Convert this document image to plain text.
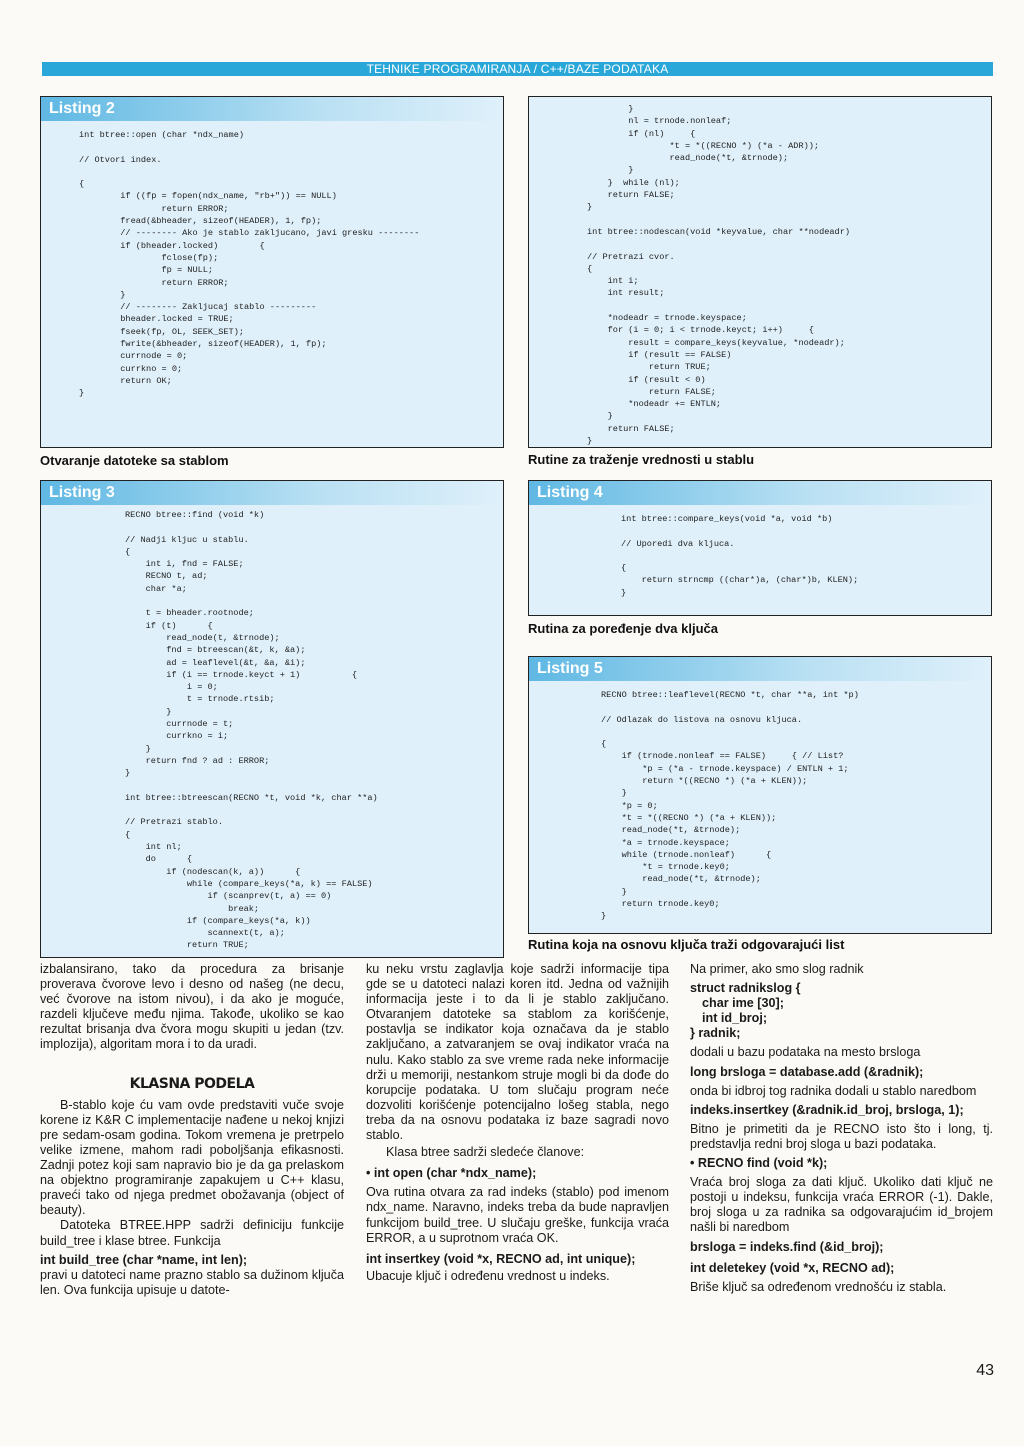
TEHNIKE PROGRAMIRANJA / C++/BAZE PODATAKA
Listing 2
int btree::open (char *ndx_name)

// Otvori index.

{
if ((fp = fopen(ndx_name, "rb+")) == NULL)
return ERROR;
fread(&bheader, sizeof(HEADER), 1, fp);
// -------- Ako je stablo zakljucano, javi gresku --------
if (bheader.locked)        {
fclose(fp);
fp = NULL;
return ERROR;
}
// -------- Zakljucaj stablo ---------
bheader.locked = TRUE;
fseek(fp, OL, SEEK_SET);
fwrite(&bheader, sizeof(HEADER), 1, fp);
currnode = 0;
currkno = 0;
return OK;
}
Otvaranje datoteke sa stablom
}
nl = trnode.nonleaf;
if (nl)     {
*t = *((RECNO *) (*a - ADR));
read_node(*t, &trnode);
}
}  while (nl);
return FALSE;
}

int btree::nodescan(void *keyvalue, char **nodeadr)

// Pretrazi cvor.
{
int i;
int result;

*nodeadr = trnode.keyspace;
for (i = 0; i < trnode.keyct; i++)     {
result = compare_keys(keyvalue, *nodeadr);
if (result == FALSE)
return TRUE;
if (result < 0)
return FALSE;
*nodeadr += ENTLN;
}
return FALSE;
}
Rutine za traženje vrednosti u stablu
Listing 3
RECNO btree::find (void *k)

// Nadji kljuc u stablu.
{
int i, fnd = FALSE;
RECNO t, ad;
char *a;

t = bheader.rootnode;
if (t)      {
read_node(t, &trnode);
fnd = btreescan(&t, k, &a);
ad = leaflevel(&t, &a, &i);
if (i == trnode.keyct + 1)          {
i = 0;
t = trnode.rtsib;
}
currnode = t;
currkno = i;
}
return fnd ? ad : ERROR;
}

int btree::btreescan(RECNO *t, void *k, char **a)

// Pretrazi stablo.
{
int nl;
do      {
if (nodescan(k, a))      {
while (compare_keys(*a, k) == FALSE)
if (scanprev(t, a) == 0)
break;
if (compare_keys(*a, k))
scannext(t, a);
return TRUE;
Listing 4
int btree::compare_keys(void *a, void *b)

// Uporedi dva kljuca.

{
return strncmp ((char*)a, (char*)b, KLEN);
}
Rutina za poređenje dva ključa
Listing 5
RECNO btree::leaflevel(RECNO *t, char **a, int *p)

// Odlazak do listova na osnovu kljuca.

{
if (trnode.nonleaf == FALSE)     { // List?
*p = (*a - trnode.keyspace) / ENTLN + 1;
return *((RECNO *) (*a + KLEN));
}
*p = 0;
*t = *((RECNO *) (*a + KLEN));
read_node(*t, &trnode);
*a = trnode.keyspace;
while (trnode.nonleaf)      {
*t = trnode.key0;
read_node(*t, &trnode);
}
return trnode.key0;
}
Rutina koja na osnovu ključa traži odgovarajući list

izbalansirano, tako da procedura za brisanje proverava čvorove levo i desno od našeg (ne decu, već čvorove na istom nivou), i da ako je moguće, razdeli ključeve među njima. Takođe, ukoliko se kao rezultat brisanja dva čvora mogu skupiti u jedan (tzv. implozija), algoritam mora i to da uradi.

KLASNA PODELA

B-stablo koje ću vam ovde predstaviti vuče svoje korene iz K&R C implementacije nađene u nekoj knjizi pre sedam-osam godina. Tokom vremena je pretrpelo velike izmene, mahom radi poboljšanja efikasnosti. Zadnji potez koji sam napravio bio je da ga prelaskom na objektno programiranje zapakujem u C++ klasu, praveći tako od njega predmet obožavanja (object of beauty).

Datoteka BTREE.HPP sadrži definiciju funkcije build_tree i klase btree. Funkcija

int build_tree (char *name, int len);

pravi u datoteci name prazno stablo sa dužinom ključa len. Ova funkcija upisuje u datote-

ku neku vrstu zaglavlja koje sadrži informacije tipa gde se u datoteci nalazi koren itd. Jedna od važnijih informacija jeste i to da li je stablo zaključano. Otvaranjem datoteke sa stablom za korišćenje, postavlja se indikator koja označava da je stablo zaključano, a zatvaranjem se ovaj indikator vraća na nulu. Kako stablo za sve vreme rada neke informacije drži u memoriji, nestankom struje mogli bi da dođe do korupcije podataka. U tom slučaju program neće dozvoliti korišćenje potencijalno lošeg stabla, nego treba da na osnovu podataka iz baze sagradi novo stablo.

Klasa btree sadrži sledeće članove:

• int open (char *ndx_name);

Ova rutina otvara za rad indeks (stablo) pod imenom ndx_name. Naravno, indeks treba da bude napravljen funkcijom build_tree. U slučaju greške, funkcija vraća ERROR, a u suprotnom vraća OK.

int insertkey (void *x, RECNO ad, int unique);

Ubacuje ključ i određenu vrednost u indeks.

Na primer, ako smo slog radnik

struct radnikslog {

char ime [30];

int id_broj;

} radnik;

dodali u bazu podataka na mesto brsloga

long brsloga = database.add (&radnik);

onda bi idbroj tog radnika dodali u stablo naredbom

indeks.insertkey (&radnik.id_broj, brsloga, 1);

Bitno je primetiti da je RECNO isto što i long, tj. predstavlja redni broj sloga u bazi podataka.

• RECNO find (void *k);

Vraća broj sloga za dati ključ. Ukoliko dati ključ ne postoji u indeksu, funkcija vraća ERROR (-1). Dakle, broj sloga u za radnika sa odgovarajućim id_brojem našli bi naredbom

brsloga = indeks.find (&id_broj);

int deletekey (void *x, RECNO ad);

Briše ključ sa određenom vrednošću iz stabla.

43
